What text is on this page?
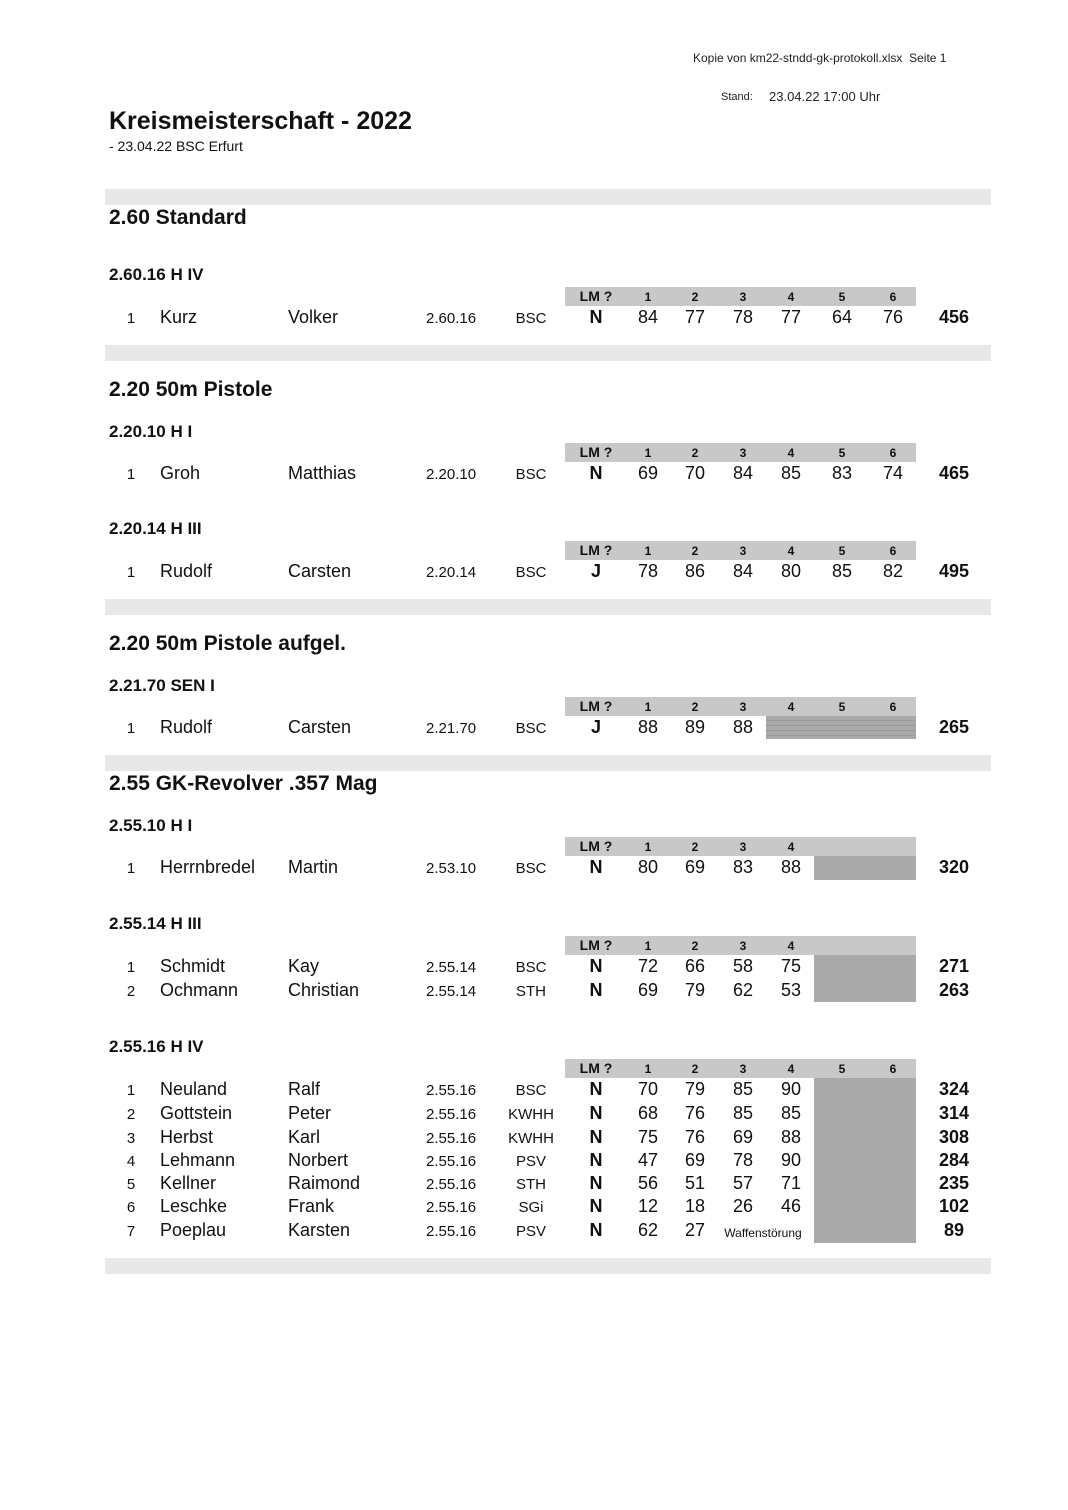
Kopie von km22-stndd-gk-protokoll.xlsx Seite 1
Stand: 23.04.22 17:00 Uhr
Kreismeisterschaft - 2022
- 23.04.22 BSC Erfurt
2.60 Standard
2.20 50m Pistole
2.20 50m Pistole aufgel.
2.55 GK-Revolver .357 Mag
2.60.16 H IV
2.20.10 H I
2.20.14 H III
2.21.70 SEN I
2.55.10 H I
2.55.14 H III
2.55.16 H IV
LM ?	1	2	3	4	5	6
LM ?	1	2	3	4	5	6
LM ?	1	2	3	4	5	6
LM ?	1	2	3	4	5	6
LM ?	1	2	3	4
LM ?	1	2	3	4
LM ?	1	2	3	4	5	6
1	Kurz	Volker	2.60.16	BSC	N	84	77	78	77	64	76	456
1	Groh	Matthias	2.20.10	BSC	N	69	70	84	85	83	74	465
1	Rudolf	Carsten	2.20.14	BSC	J	78	86	84	80	85	82	495
1	Rudolf	Carsten	2.21.70	BSC	J	88	89	88	265
1	Herrnbredel Martin	2.53.10	BSC	N	80	69	83	88	320
1	Schmidt	Kay	2.55.14	BSC	N	72	66	58	75	271
2	Ochmann	Christian	2.55.14	STH	N	69	79	62	53	263
1	Neuland	Ralf	2.55.16	BSC	N	70	79	85	90	324
2	Gottstein	Peter	2.55.16	KWHH	N	68	76	85	85	314
3	Herbst	Karl	2.55.16	KWHH	N	75	76	69	88	308
4	Lehmann	Norbert	2.55.16	PSV	N	47	69	78	90	284
5	Kellner	Raimond	2.55.16	STH	N	56	51	57	71	235
6	Leschke	Frank	2.55.16	SGi	N	12	18	26	46	102
7	Poeplau	Karsten	2.55.16	PSV	N	62	27	Waffenstörung	89
